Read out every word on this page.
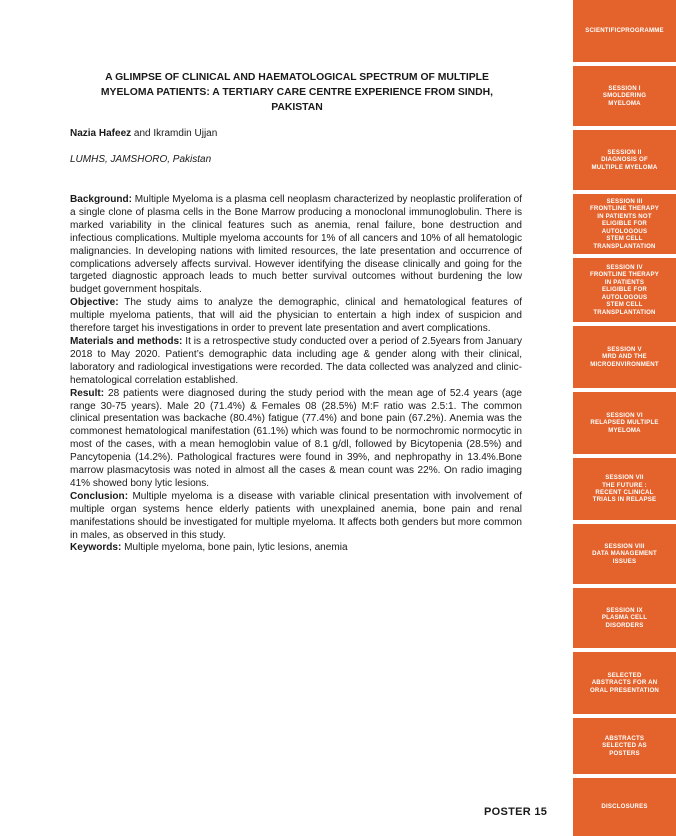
A GLIMPSE OF CLINICAL AND HAEMATOLOGICAL SPECTRUM OF MULTIPLE MYELOMA PATIENTS: A TERTIARY CARE CENTRE EXPERIENCE FROM SINDH, PAKISTAN
Nazia Hafeez and Ikramdin Ujjan
LUMHS, JAMSHORO, Pakistan

Background: Multiple Myeloma is a plasma cell neoplasm characterized by neoplastic proliferation of a single clone of plasma cells in the Bone Marrow producing a monoclonal immunoglobulin. There is marked variability in the clinical features such as anemia, renal failure, bone destruction and infectious complications. Multiple myeloma accounts for 1% of all cancers and 10% of all hematologic malignancies. In developing nations with limited resources, the late presentation and occurrence of complications adversely affects survival. However identifying the disease clinically and going for the targeted diagnostic approach leads to much better survival outcomes without burdening the low budget government hospitals.

Objective: The study aims to analyze the demographic, clinical and hematological features of multiple myeloma patients, that will aid the physician to entertain a high index of suspicion and therefore target his investigations in order to prevent late presentation and avert complications.

Materials and methods: It is a retrospective study conducted over a period of 2.5years from January 2018 to May 2020. Patient’s demographic data including age & gender along with their clinical, laboratory and radiological investigations were recorded. The data collected was analyzed and clinic-hematological correlation established.

Result: 28 patients were diagnosed during the study period with the mean age of 52.4 years (age range 30-75 years). Male 20 (71.4%) & Females 08 (28.5%) M:F ratio was 2.5:1. The common clinical presentation was backache (80.4%) fatigue (77.4%) and bone pain (67.2%). Anemia was the commonest hematological manifestation (61.1%) which was found to be normochromic normocytic in most of the cases, with a mean hemoglobin value of 8.1 g/dl, followed by Bicytopenia (28.5%) and Pancytopenia (14.2%). Pathological fractures were found in 39%, and nephropathy in 13.4%.Bone marrow plasmacytosis was noted in almost all the cases & mean count was 22%. On radio imaging 41% showed bony lytic lesions.

Conclusion: Multiple myeloma is a disease with variable clinical presentation with involvement of multiple organ systems hence elderly patients with unexplained anemia, bone pain and renal manifestations should be investigated for multiple myeloma. It affects both genders but more common in males, as observed in this study.

Keywords: Multiple myeloma, bone pain, lytic lesions, anemia

POSTER 15
SCIENTIFIC PROGRAMME
SESSION I
SMOLDERING
MYELOMA
SESSION II
DIAGNOSIS OF
MULTIPLE MYELOMA
SESSION III
FRONTLINE THERAPY
IN PATIENTS NOT
ELIGIBLE FOR
AUTOLOGOUS
STEM CELL
TRANSPLANTATION
SESSION IV
FRONTLINE THERAPY
IN PATIENTS
ELIGIBLE FOR
AUTOLOGOUS
STEM CELL
TRANSPLANTATION
SESSION V
MRD AND THE
MICROENVIRONMENT
SESSION VI
RELAPSED MULTIPLE
MYELOMA
SESSION VII
THE FUTURE :
RECENT CLINICAL
TRIALS IN RELAPSE
SESSION VIII
DATA MANAGEMENT
ISSUES
SESSION IX
PLASMA CELL
DISORDERS
SELECTED
ABSTRACTS FOR AN
ORAL PRESENTATION
ABSTRACTS
SELECTED AS
POSTERS
DISCLOSURES
